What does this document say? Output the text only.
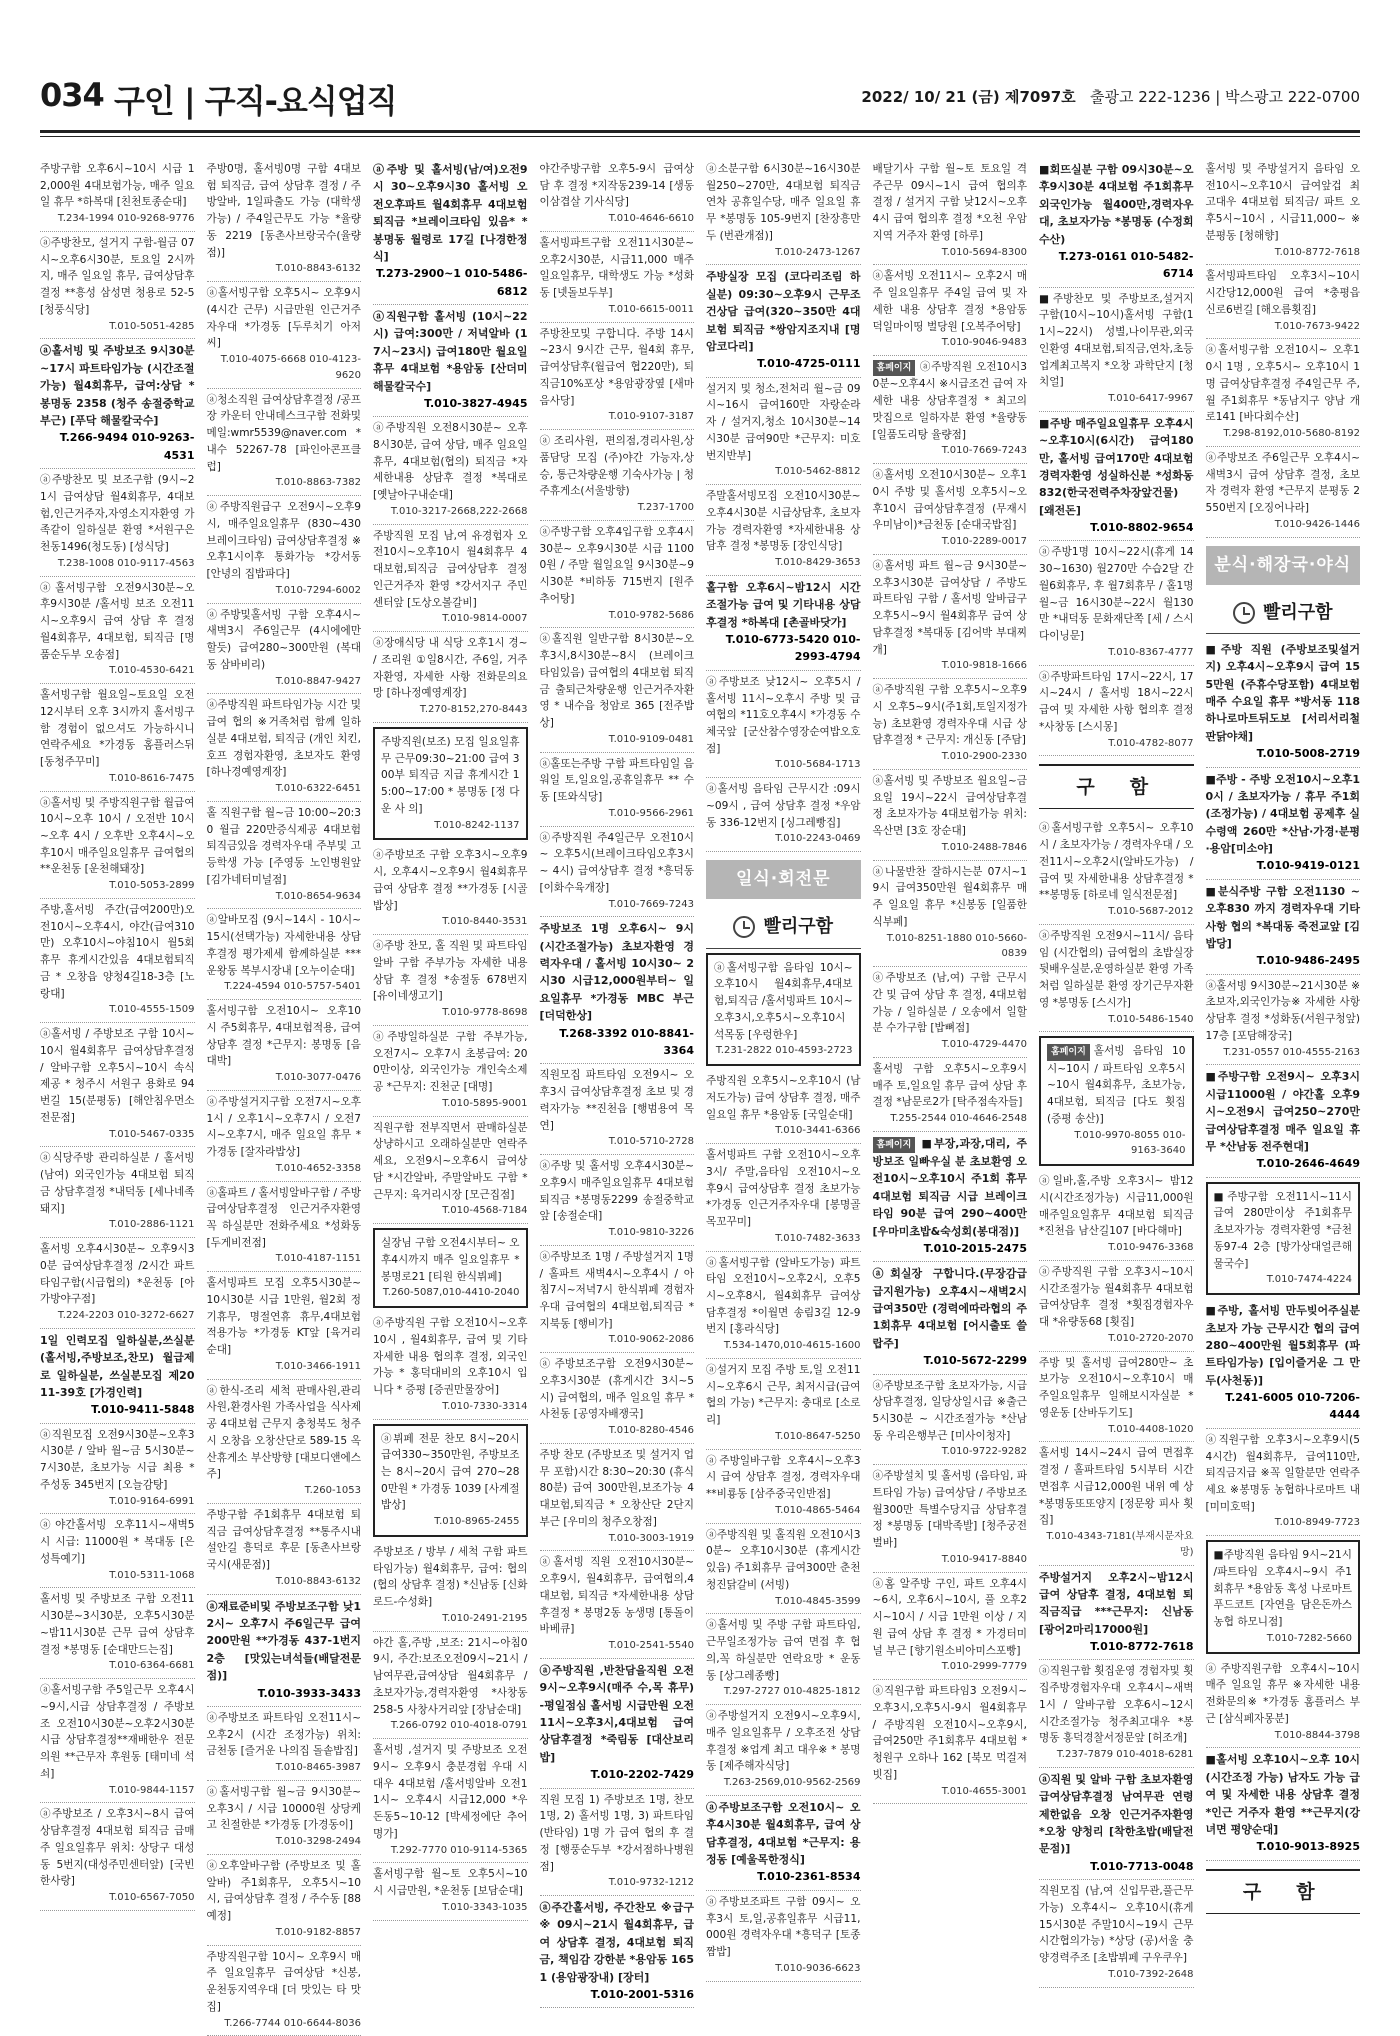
034 구인 | 구직-요식업직	2022/ 10/ 21 (금) 제7097호 출광고 222-1236 | 박스광고 222-0700
주방구함 오후6시~10시 시급 12,000원 4대보험가능, 매주 일요일 휴무 *하복대 [친천토종순대]
T.234-1994 010-9268-9776
ⓐ주방찬모, 설거지 구함-월금 07시~오후6시30분, 토요일 2시까지, 매주 일요일 휴무, 급여상담후 결정 **흥성 삼성면 청용로 52-5 [청풍식당]
T.010-5051-4285
ⓐ홀서빙 및 주방보조 9시30분~17시 파트타임가능 (시간조절가능) 월4회휴무, 급여:상담 *봉명동 2358 (청주 송절중학교부근) [푸닥 해물칼국수]
T.266-9494 010-9263-4531
ⓐ주방찬모 및 보조구함 (9시~21시 급여상담 월4회휴무, 4대보험,인근거주자,자영소지자환영 가족같이 일하실분 환영 *서원구은천동1496(청도동) [성식당]
T.238-1008 010-9117-4563
ⓐ홀서빙구함 오전9시30분~오후9시30분 /홀서빙 보조 오전11시~오후9시 급여 상담 후 결정 월4회휴무, 4대보험, 퇴직금 [명품순두부 오송점]
T.010-4530-6421
홀서빙구함 월요일~토요일 오전 12시부터 오후 3시까지 홀서빙구함 경험이 없으셔도 가능하시니 연락주세요 *가경동 홈플러스뒤 [동청주꾸미]
T.010-8616-7475
ⓐ홀서빙 및 주방직원구함 월급여 10시~오후 10시 / 오전반 10시~오후 4시 / 오후반 오후4시~오후10시 매주일요일휴무 급여협의 **운천동 [운천해돼장]
T.010-5053-2899
주방,홀서빙 주간(급여200만)오전10시~오후4시, 야간(급여310만) 오후10시~야침10시 월5회휴무 휴게시간있음 4대보험퇴직금 * 오창읍 양청4길18-3층 [노랑대]
T.010-4555-1509
ⓐ홀서빙 / 주방보조 구함 10시~10시 월4회휴무 급여상담후결정 / 알바구함 오후5시~10시 속식제공 * 청주시 서원구 용화로 94번길 15(분평동) [해안침우먼소 전문점]
T.010-5467-0335
ⓐ식당주방 관리하실분 / 홀서빙 (남여) 외국인가능 4대보험 퇴직금 상담후결정 *내덕동 [세나네족돼지]
T.010-2886-1121
홀서빙 오후4시30분~ 오후9시30분 급여상담후결정 /2시간 파트타임구함(시급협의) *운천동 [아가방야구점]
T.224-2203 010-3272-6627
1일 인력모집 일하실분,쓰실분 (홀서빙,주방보조,찬모) 월급제로 일하실분, 쓰실분모집 제2011-39호 [가경인력]
T.010-9411-5848
ⓐ직원모집 오전9시30분~오후3시30분 / 알바 월~금 5시30분~7시30분, 초보가능 시급 최용 * 주성동 345번지 [오늘감탕]
T.010-9164-6991
ⓐ야간홀서빙 오후11시~새벽5시 시급: 11000원 * 복대동 [은성특예기]
T.010-5311-1068
홀서빙 및 주방보조 구함 오전11시30분~3시30분, 오후5시30분~밤11시30분 근무 급여 상담후결정 *봉명동 [순대만드는집]
T.010-6364-6681
ⓐ홀서빙구함 주5일근무 오후4시~9시,시급 상담후결정 / 주방보조 오전10시30분~오후2시30분 시급 상담후결정**재배한우 전문의원 **근무자 후원동 [태미네 석쇠]
T.010-9844-1157
ⓐ주방보조 / 오후3시~8시 급여상담후결정 4대보험 퇴직금 급매주 일요일휴무 위치: 상당구 대성동 5번지(대성주민센터앞) [국빈한사랑]
T.010-6567-7050
주방0명, 홀서빙0명 구함 4대보험 퇴직금, 급여 상담후 결정 / 주방알바, 1일파출도 가능 (대학생가능) / 주4일근무도 가능 *율량동 2219 [동촌사브랑국수(율량점)]
T.010-8843-6132
ⓐ홀서빙구함 오후5시~ 오후9시 (4시간 근무) 시급만원 인근거주자우대 *가경동 [두루치기 아저씨]
T.010-4075-6668 010-4123-9620
ⓐ청소직원 급여상담후결정 /공프장 카운터 안내데스크구함 전화및메일:wmr5539@naver.com * 내수 52267-78 [파인아콘프클럽]
T.010-8863-7382
ⓐ주방직원급구 오전9시~오후9시, 매주일요일휴무 (830~430 브레이크타임) 급여상담후결정 ※오후1시이후 통화가능 *강서동[안녕의 집밥파다]
T.010-7294-6002
ⓐ주방및홀서빙 구함 오후4시~새벽3시 주6일근무 (4시에에만 할듯) 급여280~300만원 (복대동 삼바비리)
T.010-8847-9427
ⓐ주방직원 파트타임가능 시간 및 급여 협의 ※거족처럼 함께 일하실분 4대보험, 퇴직금 (개인 치킨,호프 경험자환영, 초보자도 환영 [하나경예영계장]
T.010-6322-6451
홀 직원구함 월~금 10:00~20:30 월급 220만증식제공 4대보험 퇴직금있음 경력자우대 주부및 고등학생 가능 [주영동 노인병원앞 [김가네터미널점]
T.010-8654-9634
ⓐ알바모집 (9시~14시 - 10시~15시(선택가능) 자세한내용 상담후결정 평가제세 함께하실분 ***운왕동 복부시장내 [오누이순대]
T.224-4594 010-5757-5401
홀서빙구함 오전10시~ 오후10시 주5회휴무, 4대보험적용, 급여상담후 결정 *근무지: 봉명동 [음대박]
T.010-3077-0476
ⓐ주방설거지구함 오전7시~오후1시 / 오후1시~오후7시 / 오전7시~오후7시, 매주 일요일 휴무 *가경동 [잘자라밥상]
T.010-4652-3358
ⓐ홀파트 / 홀서빙알바구함 / 주방 급여상담후결정 인근거주자환영 꼭 하실분만 전화주세요 *성화동 [두게비전점]
T.010-4187-1151
홀서빙파트 모집 오후5시30분~10시30분 시급 1만원, 월2회 정기휴무, 명절연휴 휴무,4대보험 적용가능 *가경동 KT앞 [육거리순대]
T.010-3466-1911
ⓐ한식-조리 세척 판매사원,관리사원,환경사원 가족사업을 식사제공 4대보험 근무지 충청북도 청주시 오창읍 오창산단로 589-15 옥산휴게소 부산방향 [대보디앤에스주]
T.260-1053
주방구함 주1회휴무 4대보험 퇴직금 급여상담후결정 **통주시내 설안길 흥덕로 후문 [동촌사브랑국시(새문점)]
T.010-8843-6132
ⓐ재료준비및 주방보조구함 낮12시~ 오후7시 주6일근무 급여200만원 **가경동 437-1번지 2층 [맛있는녀석들(배달전문점)]
T.010-3933-3433
ⓐ주방보조 파트타임 오전11시~오후2시 (시간 조정가능) 위치: 금천동 [즐거운 나의집 돌솥밥집]
T.010-8465-3987
ⓐ홀서빙구함 월~금 9시30분~오후3시 / 시급 10000원 상당케 고 친절한분 *가경동 [가경동이]
T.010-3298-2494
ⓐ오후알바구함 (주방보조 및 홀알바) 주1회휴무, 오후5시~10시, 급여상담후 결정 / 주수동 [88예정]
T.010-9182-8857
주방직원구함 10시~ 오후9시 매주 일요일휴무 급여상담 *신봉, 운천동지역우대 [더 맛있는 타 맛집]
T.266-7744 010-6644-8036
ⓐ주방 및 홀서빙(남/여)오전9시 30~오후9시30 홀서빙 오전오후파트 월4회휴무 4대보험 퇴직금 *브레이크타임 있음* *봉명동 월령로 17길 [나경한정식]
T.273-2900~1 010-5486-6812
ⓐ직원구함 홀서빙 (10시~22시) 급여:300만 / 저녁알바 (17시~23시) 급여180만 월요일휴무 4대보험 *용암동 [산더미해물칼국수]
T.010-3827-4945
ⓐ주방직원 오전8시30분~ 오후8시30분, 급여 상담, 매주 일요일 휴무, 4대보험(협의) 퇴직금 *자세한내용 상담후 결정 *복대로 [옛날아구내순대]
T.010-3217-2668,222-2668
주방직원 모집 남,여 유경험자 오전10시~오후10시 월4회휴무 4대보험,퇴직금 급여상담후 결정 인근거주자 환영 *강서지구 주민센터앞 [도상오볼갈비]
T.010-9814-0007
ⓐ장애식당 내 식당 오후1시 경~ / 조리원 ①일8시간, 주6일, 거주자환영, 자세한 사항 전화문의요망 [하나정예영계장]
T.270-8152,270-8443
주방직원(보조) 모집 일요일휴무 근무09:30~21:00 급여 300부 퇴직금 지급 휴게시간 15:00~17:00 * 봉명동 [정 다 운 사 의]
T.010-8242-1137
ⓐ주방보조 구함 오후3시~오후9시, 오후4시~오후9시 월4회휴무 급여 상담후 결정 **가경동 [시골밥상]
T.010-8440-3531
ⓐ주방 찬모, 홀 직원 및 파트타임 알바 구함 주부가능 자세한 내용 상담 후 결정 *송절동 678번지 [유이네생고기]
T.010-9778-8698
ⓐ주방일하실분 구함 주부가능, 오전7시~ 오후7시 초봉급여: 200만이상, 외국인가능 개인숙소제공 *근무지: 진천군 [대명]
T.010-5895-9001
직원구함 전부직면서 판매하실분 상냥하시고 오래하실분만 연락주세요, 오전9시~오후6시 급여상담 *시간알바, 주말알바도 구함 *근무지: 육거리시장 [모근집점]
T.010-4568-7184
실장님 구함 오전4시부터~ 오후4시까지 매주 일요일휴무 *봉명로21 [티원 한식뷔페]
T.260-5087,010-4410-2040
ⓐ주방직원 구함 오전10시~오후10시 , 월4회휴무, 급여 및 기타 자세한 내용 협의후 결정, 외국인가능 * 홍덕대비의 오후10시 입니다 * 증평 [증권만물장어]
T.010-7330-3314
ⓐ뷔페 전문 찬모 8시~20시 급여330~350만원, 주방보조는 8시~20시 급여 270~280만원 * 가경동 1039 [사계절밥상]
T.010-8965-2455
주방보조 / 방부 / 세척 구함 파트타임가능) 월4회휴무, 급여: 협의(협의 상담후 결정) *신남동 [신화로드-수성화]
T.010-2491-2195
야간 홀,주방 ,보조: 21시~아침09시, 주간:보조오전09시~21시 /남여무관,급여상담 월4회휴무 / 초보자가능,경력자환영 *사창동 258-5 사창사거리앞 [장남순대]
T.266-0792 010-4018-0791
홀서빙 ,설거지 및 주방보조 오전9시~ 오후9시 충분경험 우대 시 대우 4대보험 /홀서빙알바 오전11시~ 오후4시 시급12,000 *우돈동5~10-12 [박세정에단 추어명가]
T.292-7770 010-9114-5365
홀서빙구함 월~토 오후5시~10시 시급만원, *운천동 [보담순대]
T.010-3343-1035
야간주방구함 오후5-9시 급여상담 후 결정 *지작동239-14 [생동이삼겹살 기사식당]
T.010-4646-6610
홀서빙파트구함 오전11시30분~오후2시30분, 시급11,000 매주 일요일휴무, 대학생도 가능 *성화동 [넷돌보두부]
T.010-6615-0011
주방찬모및 구합니다. 주방 14시~23시 9시간 근무, 월4회 휴무, 급여상담후(월급여 협220만), 퇴직금10%포상 *용암광장옆 [새마음사당]
T.010-9107-3187
ⓐ조리사원, 편의점,경리사원,상품담당 모집 (주)야간 가능자,상승, 통근차량운행 기숙사가능 | 청주휴게소(서울방향)
T.237-1700
ⓐ주방구함 오후4입구함 오후4시30분~ 오후9시30분 시급 11000원 / 주말 월일요일 9시30분~9시30분 *비하동 715번지 [원주추어탕]
T.010-9782-5686
ⓐ홀직원 일반구함 8시30분~오후3시,8시30분~8시 (브레이크타임있음) 급여협의 4대보험 퇴직금 출퇴근차량운행 인근거주자환영 * 내수읍 청암로 365 [전주밥상]
T.010-9109-0481
ⓐ홀또는주방 구함 파트타임일 음워일 토,일요일,공휴일휴무 ** 수동 [또와식당]
T.010-9566-2961
ⓐ주방직원 주4일근무 오전10시~ 오후5시(브레이크타임오후3시~ 4시) 급여상담후 결정 *흥덕동 [이화수육개장]
T.010-7669-7243
주방보조 1명 오후6시~ 9시(시간조절가능) 초보자환영 경력자우대 / 홀서빙 10시30~ 2시30 시급12,000원부터~ 일요일휴무 *가경동 MBC 부근 [더덕한상]
T.268-3392 010-8841-3364
직원모집 파트타임 오전9시~ 오후3시 급여상담후결정 초보 및 경력자가능 **진천읍 [행범용여 목연]
T.010-5710-2728
ⓐ주방 및 홀서빙 오후4시30분~ 오후9시 매주일요일휴무 4대보험 퇴직금 *봉명동2299 송절중학교앞 [송절순대]
T.010-9810-3226
ⓐ주방보조 1명 / 주방설거지 1명 / 홀파트 새벽4시~오후4시 / 아침7시~저녁7시 한식뷔페 경험자우대 급여협의 4대보험,퇴직금 *지북동 [행비가]
T.010-9062-2086
ⓐ주방보조구함 오전9시30분~오후3시30분 (휴게시간 3시~5시) 급여협의, 매주 일요일 휴무 * 사천동 [공영자배쟁국]
T.010-8280-4546
주방 찬모 (주방보조 및 설거지 업무 포함)시간 8:30~20:30 (휴식80분) 급여 300만원,보조가능 4대보험,퇴직금 * 오창산단 2단지 부근 [우미의 청주오창점]
T.010-3003-1919
ⓐ홀서빙 직원 오전10시30분~오후9시, 월4회휴무, 급여협의,4대보험, 퇴직금 *자세한내용 상담후결정 * 봉명2동 농생명 [통돌이바베큐]
T.010-2541-5540
ⓐ주방직원 ,반찬담을직원 오전9시~오후9시(매주 수,목 휴무) -평일점심 홀서빙 시급만원 오전11시~오후3시,4대보험 급여 상담후결정 *죽림동 [대산보리밥]
T.010-2202-7429
직원 모집 1) 주방보조 1명, 찬모1명, 2) 홀서빙 1명, 3) 파트타임(반타임) 1명 가 급여 협의 후 결정 [행풍순두부 *강서점하나병원점]
T.010-9732-1212
ⓐ주간홀서빙, 주간찬모 ※급구※ 09시~21시 월4회휴무, 급여 상담후 결정, 4대보험 퇴직금, 책임감 강한분 *용암동 1651 (용암광장내) [장터]
T.010-2001-5316
ⓐ소분구함 6시30분~16시30분 월250~270만, 4대보험 퇴직금 연차 공휴일수당, 매주 일요일 휴무 *봉명동 105-9번지 [찬장흥만두 (번관개점)]
T.010-2473-1267
주방실장 모집 (코다리조림 하실분) 09:30~오후9시 근무조건상담 급여(320~350만 4대보험 퇴직금 *쌍암지조지내 [명암코다리]
T.010-4725-0111
설거지 및 청소,전처리 월~금 09시~16시 급여160만 자랑순라 자 / 설거지,청소 10시30분~14시30분 급여90만 *근무지: 미호번지반부]
T.010-5462-8812
주말홀서빙모집 오전10시30분~오후4시30분 시급상담후, 초보자가능 경력자환영 *자세한내용 상담후 결정 *봉명동 [장인식당]
T.010-8429-3653
홀구함 오후6시~밤12시 시간조절가능 급여 및 기타내용 상담후결정 *하복대 [촌골바닷가]
T.010-6773-5420 010-2993-4794
ⓐ주방보조 낮12시~ 오후5시 / 홀서빙 11시~오후시 주방 및 급여협의 *11호오후4시 *가경동 수체국앞 [군산참수영장순여밥오호점]
T.010-5684-1713
ⓐ홀서빙 음타임 근무시간 :09시~09시 , 급여 상담후 결정 *우암동 336-12번지 [싱그레빵집]
T.010-2243-0469
일식·회전문
빨리구함
ⓐ홀서빙구함 음타임 10시~오후10시 월4회휴무,4대보험,퇴직금 /홀서빙파트 10시~오후3시,오후5시~오후10시 석목동 [우렁한우]
T.231-2822 010-4593-2723
주방직원 오후5시~오후10시 (남저도가능) 급여 상담후 결정, 매주 일요일 휴무 *용암동 [국일순대]
T.010-3441-6366
홀서빙파트 구함 오전10시~오후3시/ 주말,음타임 오전10시~오후9시 급여상담후 결정 초보가능 *가경동 인근거주자우대 [봉명골목꼬꾸미]
T.010-7482-3633
ⓐ홀서빙구함 (알바도가능) 파트타임 오전10시~오후2시, 오후5시~오후8시, 월4회휴무 급여상담후결정 *이월면 송림3길 12-9번지 [홍라식당]
T.534-1470,010-4615-1600
ⓐ설거지 모집 주방 토,일 오전11시~오후6시 근무, 최저시급(급여협의 가능) *근무지: 충대로 [소로리]
T.010-8647-5250
ⓐ주방일바구함 오후4시~오후3시 급여 상담후 결정, 경력자우대 **비룡동 [삼주중국인반점]
T.010-4865-5464
ⓐ주방직원 및 홀직원 오전10시30분~ 오후10시30분 (휴게시간있음) 주1회휴무 급여300만 춘천청진닭갈비 (서빙)
T.010-4845-3599
ⓐ홀서빙 및 주방 구함 파트타임, 근무일조정가능 급여 면접 후 협의,꼭 하실분만 연락요망 * 운동동 [상그레종빵]
T.297-2727 010-4825-1812
ⓐ주방설거지 오전9시~오후9시, 매주 일요일휴무 / 오후조전 상담후결정 ※업계 최고 대우※ * 봉명동 [제주해자식당]
T.263-2569,010-9562-2569
ⓐ주방보조구함 오전10시~ 오후4시30분 월4회휴무, 급여 상담후결정, 4대보험 *근무지: 용정동 [예울목한정식]
T.010-2361-8534
ⓐ주방보조파트 구함 09시~ 오후3시 토,일,공휴일휴무 시급11,000원 경력자우대 *흥덕구 [토종짬밥]
T.010-9036-6623
배달기사 구함 월~토 토요일 격주근무 09시~1시 급여 협의후 결정 / 설거지 구함 낮12시~오후 4시 급여 협의후 결정 *오천 우암지역 거주자 환영 [하루]
T.010-5694-8300
ⓐ홀서빙 오전11시~ 오후2시 매주 일요일휴무 주4일 급여 및 자세한 내용 상담후 결정 *용암동 덕일마이띵 벌당원 [오복주어탕]
T.010-9046-9483
홈페이지 ⓐ주방직원 오전10시30분~오후4시 ※시급조건 급여 자세한 내용 상담후결정 * 최고의 맛집으로 일하자분 환영 *율량동 [일품도리탕 율량점]
T.010-7669-7243
ⓐ홀서빙 오전10시30분~ 오후10시 주방 및 홀서빙 오후5시~오후10시 급여상담후결정 (무재시 우미남이)*금천동 [순대국밥집]
T.010-2289-0017
ⓐ홀서빙 파트 월~금 9시30분~오후3시30분 급여상담 / 주방도 파트타임 구함 / 홀서빙 알바급구 오후5시~9시 월4회휴무 급여 상담후결정 *복대동 [김어박 부대찌개]
T.010-9818-1666
ⓐ주방직원 구함 오후5시~오후9시 오후5~9시(주1회,토일지정가능) 초보환영 경력자우대 시급 상담후결정 * 근무지: 개신동 [주담]
T.010-2900-2330
ⓐ홀서빙 및 주방보조 월요일~금요일 19시~22시 급여상담후결정 초보자가능 4대보험가능 위치: 옥산면 [3호 장순대]
T.010-2488-7846
ⓐ나물반찬 잘하시는분 07시~19시 급여350만원 월4회휴무 매주 일요일 휴무 *신봉동 [일품한식부페]
T.010-8251-1880 010-5660-0839
ⓐ주방보조 (남,여) 구함 근무시간 및 급여 상담 후 결정, 4대보험 가능 / 일하실분 / 오송에서 일할분 수가구함 [밥뼈점]
T.010-4729-4470
홀서빙 구함 오후5시~오후9시 매주 토,일요일 휴무 급여 상담 후 결정 *남문로2가 [탁주점속자들]
T.255-2544 010-4646-2548
홈페이지 ■부장,과장,대리, 주방보조 일빠우실 분 초보환영 오전10시~오후10시 주1회 휴무 4대보험 퇴직금 시급 브레이크타임 90분 급여 290~400만 [우마미초밥&숙성회(봉대점)]
T.010-2015-2475
ⓐ회실장 구합니다.(무장감급 급지원가능) 오후4시~새벽2시 급여350만 (경력에따라협의 주1회휴무 4대보험 [어시출또 쓸랍주]
T.010-5672-2299
ⓐ주방보조구함 초보자가능, 시급상담후결정, 일당상일시급 ※출근5시30분 ~ 시간조절가능 *산남동 우리은행부근 [미사이청자]
T.010-9722-9282
ⓐ주방설치 및 홀서빙 (음타임, 파트타임 가능) 급여상담 / 주방보조 월300만 특별수당지급 상담후결정 *봉명동 [대박족발] [청주궁전벌바]
T.010-9417-8840
ⓐ홈 알주방 구인, 파트 오후4시~6시, 오후6시~10시, 풀 오후2시~10시 / 시급 1만원 이상 / 지원 급여 상담 후 결정 * 가경터미널 부근 [향기원소비아미스포빵]
T.010-2999-7779
ⓐ직원구함 파트타임3 오전9시~오후3시,오후5시-9시 월4회휴무 / 주방직원 오전10시~오후9시,급여250만 주1회휴무 4대보험 *청원구 오하나 162 [북모 먹걸져빗집]
T.010-4655-3001
■회뜨실분 구함 09시30분~오후9시30분 4대보험 주1회휴무 외국인가능 월400만,경력자우대, 초보자가능 *봉명동 (수정회수산)
T.273-0161 010-5482-6714
■주방찬모 및 주방보조,설거지 구함(10시~10시)홀서빙 구함(11시~22시) 성별,나이무관,외국인환영 4대보험,퇴직금,연차,초등업계최고복지 *오창 과학단지 [청치얼]
T.010-6417-9967
■주방 매주일요일휴무 오후4시~오후10시(6시간) 급여180만, 홀서빙 급여170만 4대보험 경력자환영 성실하신분 *성화동832(한국전력주차장앞건물) [왜전돈]
T.010-8802-9654
ⓐ주방1명 10시~22시(휴게 1430~1630) 월270만 수습2달 간 월6회휴무, 후 월7회휴무 / 홀1명 월~금 16시30분~22시 월130만 *내덕동 문화재단쪽 [세 / 스시다이닝문]
T.010-8367-4777
ⓐ주방파트타임 17시~22시, 17시~24시 / 홀서빙 18시~22시 급여 및 자세한 사항 협의후 결정 *사창동 [스시몽]
T.010-4782-8077
구　함
ⓐ홀서빙구함 오후5시~ 오후10시 / 초보자가능 / 경력자우대 / 오전11시~오후2시(알바도가능) / 급여 및 자세한내용 상담후결정 ***봉명동 [하로네 일식전문점]
T.010-5687-2012
ⓐ주방직원 오전9시~11시/ 음타임 (시간협의) 급여협의 초밥실장 뒷배우실분,운영하실분 환영 가족처럼 일하실분 환영 장기근무자환영 *봉명동 [스시가]
T.010-5486-1540
홈페이지 홀서빙 음타임 10시~10시 / 파트타임 오후5시~10시 월4회휴무, 초보가능, 4대보험, 퇴직금 [다도 횟집 (증평 송산)]
T.010-9970-8055 010-9163-3640
ⓐ일바,홀,주방 오후3시~ 밤12시(시간조정가능) 시급11,000원 매주일요일휴무 4대보험 퇴직금 *진천읍 남산길107 [바다해마]
T.010-9476-3368
ⓐ주방직원 구함 오후3시~10시 시간조절가능 월4회휴무 4대보험 급여상담후 결정 *횟집경험자우대 *유량동68 [횟집]
T.010-2720-2070
주방 및 홀서빙 급여280만~ 초보가능 오전10시~오후10시 매주일요일휴무 일해보시자실분 *영운동 [산바두기도]
T.010-4408-1020
홀서빙 14시~24시 급여 면접후 결정 / 홀파트타임 5시부터 시간면접후 시급12,000원 내위 예 상 *봉명동또또양지 [정문왕 피사 횟집]
T.010-4343-7181(부재시문자요망)
주방설거지 오후2시~밤12시 급여 상담후 결정, 4대보험 퇴직금직급 ***근무지: 신남동 [광어2마리17000원]
T.010-8772-7618
ⓐ직원구함 횟집운영 경험자및 횟집주방경험자우대 오후4시~새벽1시 / 알바구함 오후6시~12시 시간조절가능 청주최고대우 *봉명동 홍덕경찰서정문앞 [허조개]
T.237-7879 010-4018-6281
ⓐ직원 및 알바 구함 초보자환영 급여상담후결정 남여무관 연령제한없음 오창 인근거주자환영 *오창 양청리 [착한초밥(배달전문점)]
T.010-7713-0048
직원모집 (남,여 신입무관,풀근무가능) 오후4시~ 오후10시(휴게 15시30분 주말10시~19시 근무시간협의가능) *상당 (공)서울 충양경력주조 [초밥뷔페 구우쿠우]
T.010-7392-2648
홀서빙 및 주방설거지 음타임 오전10시~오후10시 급여앞겁 최고대우 4대보험 퇴직금/ 파트 오후5시~10시 , 시급11,000~ ※분평동 [청해향]
T.010-8772-7618
홀서빙파트타임 오후3시~10시 시간당12,000원 급여 *충평읍 신로6번길 [해오름횟집]
T.010-7673-9422
ⓐ홀서빙구함 오전10시~ 오후10시 1명 , 오후5시~ 오후10시 1명 급여상담후결정 주4일근무 주, 월 주1회휴무 *동남지구 양남 개로141 [바다회수산]
T.298-8192,010-5680-8192
ⓐ주방보조 주6일근무 오후4시~새벽3시 급여 상담후 결정, 초보자 경력자 환영 *근무지 분평동 2550번지 [오징어나라]
T.010-9426-1446
분식·해장국·야식
빨리구함
■주방 직원 (주방보조및설거지) 오후4시~오후9시 급여 155만원 (주휴수당포함) 4대보험 매주 수요일 휴무 *방서동 118 하나로마트뒤도보 [서리서리철판닭야채]
T.010-5008-2719
■주방 - 주방 오전10시~오후10시 / 초보자가능 / 휴무 주1회(조정가능) / 4대보험 공제후 실수령액 260만 *산남·가경·분평·용암[미소야]
T.010-9419-0121
■분식주방 구함 오전1130 ~ 오후830 까지 경력자우대 기타사항 협의 *복대동 죽전교앞 [김밥당]
T.010-9486-2495
ⓐ홀서빙 9시30분~21시30분 ※초보자,외국인가능※ 자세한 사항 상담후 결정 *성화동(서원구청앞)17층 [포담해장국]
T.231-0557 010-4555-2163
■주방구함 오전9시~ 오후3시 시급11000원 / 야간홀 오후9시~오전9시 급여250~270만 급여상담후결정 매주 일요일 휴무 *산남동 전주현대]
T.010-2646-4649
■주방구함 오전11시~11시 급여 280만이상 주1회휴무 초보자가능 경력자환영 *금천동97-4 2층 [방가상대얼큰해물국수]
T.010-7474-4224
■주방, 홀서빙 만두빚어주실분 초보자 가능 근무시간 협의 급여 280~400만원 월5회휴무 (파트타임가능) [입이즐거운 그 만두(사천동)]
T.241-6005 010-7206-4444
ⓐ직원구함 오후3시~오후9시(54시간) 월4회휴무, 급여110만, 퇴직금지급 ※꼭 일할분만 연락주세요 ※봉명동 농협하나로마트 내 [미미호떡]
T.010-8949-7723
■주방직원 음타임 9시~21시 /파트타임 오후4시~9시 주1회휴무 *용암동 혹성 나로마트 푸드코트 [자연을 담은돈까스 농협 하모니점]
T.010-7282-5660
ⓐ주방직원구함 오후4시~10시 매주 일요일 휴무 ※자세한 내용 전화문의※ *가경동 홈플러스 부근 [삼식페자몽분]
T.010-8844-3798
■홀서빙 오후10시~오후 10시(시간조정 가능) 남자도 가능 급여 및 자세한 내용 상담후 결정 *인근 거주자 환영 **근무지(강녀면 평양순대]
T.010-9013-8925
구　함
